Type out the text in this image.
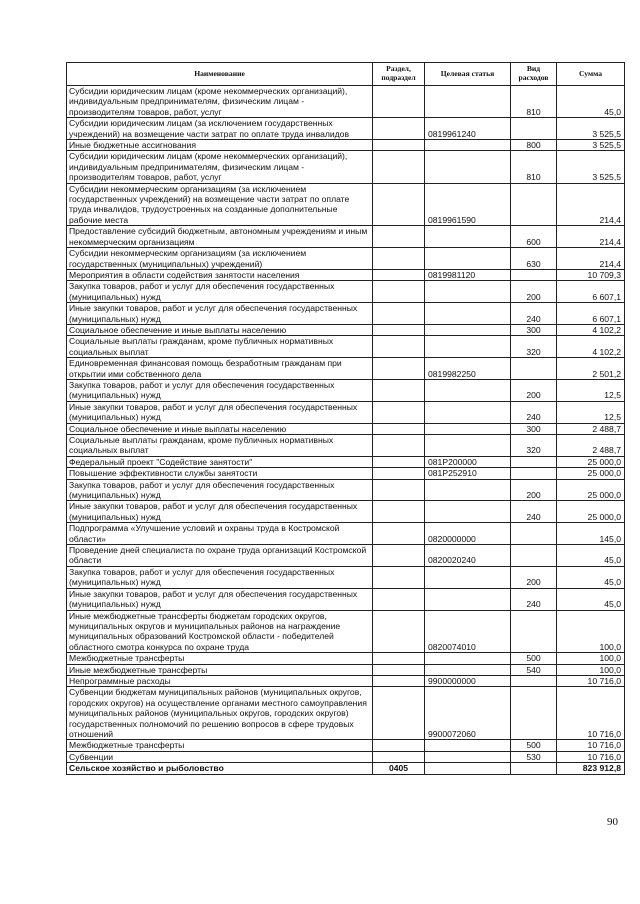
Наименование	Раздел, подраздел	Целевая статья	Вид расходов	Сумма
Субсидии юридическим лицам (кроме некоммерческих организаций), индивидуальным предпринимателям, физическим лицам - производителям товаров, работ, услуг			810	45,0
Субсидии юридическим лицам (за исключением государственных учреждений) на возмещение части затрат по оплате труда инвалидов		0819961240		3 525,5
Иные бюджетные ассигнования			800	3 525,5
Субсидии юридическим лицам (кроме некоммерческих организаций), индивидуальным предпринимателям, физическим лицам - производителям товаров, работ, услуг			810	3 525,5
Субсидии некоммерческим организациям (за исключением государственных учреждений) на возмещение части затрат по оплате труда инвалидов, трудоустроенных на созданные дополнительные рабочие места		0819961590		214,4
Предоставление субсидий бюджетным, автономным учреждениям и иным некоммерческим организациям			600	214,4
Субсидии некоммерческим организациям (за исключением государственных (муниципальных) учреждений)			630	214,4
Мероприятия в области содействия занятости населения		0819981120		10 709,3
Закупка товаров, работ и услуг для обеспечения государственных (муниципальных) нужд			200	6 607,1
Иные закупки товаров, работ и услуг для обеспечения государственных (муниципальных) нужд			240	6 607,1
Социальное обеспечение и иные выплаты населению			300	4 102,2
Социальные выплаты гражданам, кроме публичных нормативных социальных выплат			320	4 102,2
Единовременная финансовая помощь безработным гражданам при открытии ими собственного дела		0819982250		2 501,2
Закупка товаров, работ и услуг для обеспечения государственных (муниципальных) нужд			200	12,5
Иные закупки товаров, работ и услуг для обеспечения государственных (муниципальных) нужд			240	12,5
Социальное обеспечение и иные выплаты населению			300	2 488,7
Социальные выплаты гражданам, кроме публичных нормативных социальных выплат			320	2 488,7
Федеральный проект "Содействие занятости"		081P200000		25 000,0
Повышение эффективности службы занятости		081P252910		25 000,0
Закупка товаров, работ и услуг для обеспечения государственных (муниципальных) нужд			200	25 000,0
Иные закупки товаров, работ и услуг для обеспечения государственных (муниципальных) нужд			240	25 000,0
Подпрограмма «Улучшение условий и охраны труда в Костромской области»		0820000000		145,0
Проведение дней специалиста по охране труда организаций Костромской области		0820020240		45,0
Закупка товаров, работ и услуг для обеспечения государственных (муниципальных) нужд			200	45,0
Иные закупки товаров, работ и услуг для обеспечения государственных (муниципальных) нужд			240	45,0
Иные межбюджетные трансферты бюджетам городских округов, муниципальных округов и муниципальных районов на награждение муниципальных образований Костромской области - победителей областного смотра конкурса по охране труда		0820074010		100,0
Межбюджетные трансферты			500	100,0
Иные межбюджетные трансферты			540	100,0
Непрограммные расходы		9900000000		10 716,0
Субвенции бюджетам муниципальных районов (муниципальных округов, городских округов) на осуществление органами местного самоуправления муниципальных районов (муниципальных округов, городских округов) государственных полномочий по решению вопросов в сфере трудовых отношений		9900072060		10 716,0
Межбюджетные трансферты			500	10 716,0
Субвенции			530	10 716,0
Сельское хозяйство и рыболовство	0405			823 912,8
90
